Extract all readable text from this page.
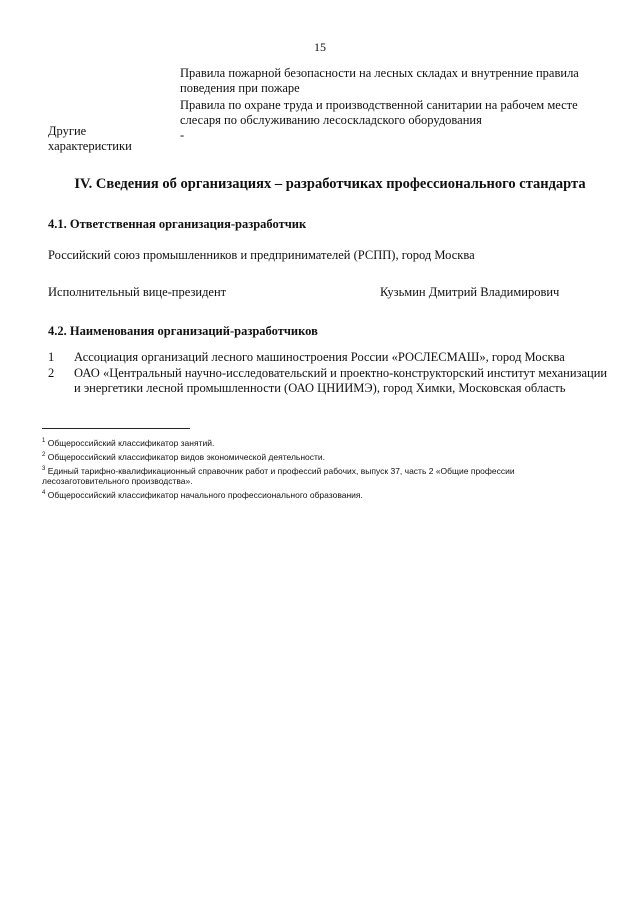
15

Правила пожарной безопасности на лесных складах и внутренние правила поведения при пожаре

Правила по охране труда и производственной санитарии на рабочем месте слесаря по обслуживанию лесоскладского оборудования

Другие характеристики
-
IV. Сведения об организациях – разработчиках профессионального стандарта
4.1. Ответственная организация-разработчик
Российский союз промышленников и предпринимателей (РСПП), город Москва
Исполнительный вице-президент	Кузьмин Дмитрий Владимирович
4.2. Наименования организаций-разработчиков
1 Ассоциация организаций лесного машиностроения России «РОСЛЕСМАШ», город Москва
2 ОАО «Центральный научно-исследовательский и проектно-конструкторский институт механизации и энергетики лесной промышленности (ОАО ЦНИИМЭ), город Химки, Московская область

$^1$ Общероссийский классификатор занятий.

$^2$ Общероссийский классификатор видов экономической деятельности.

$^3$ Единый тарифно-квалификационный справочник работ и профессий рабочих, выпуск 37, часть 2 «Общие профессии лесозаготовительного производства».

$^4$ Общероссийский классификатор начального профессионального образования.
